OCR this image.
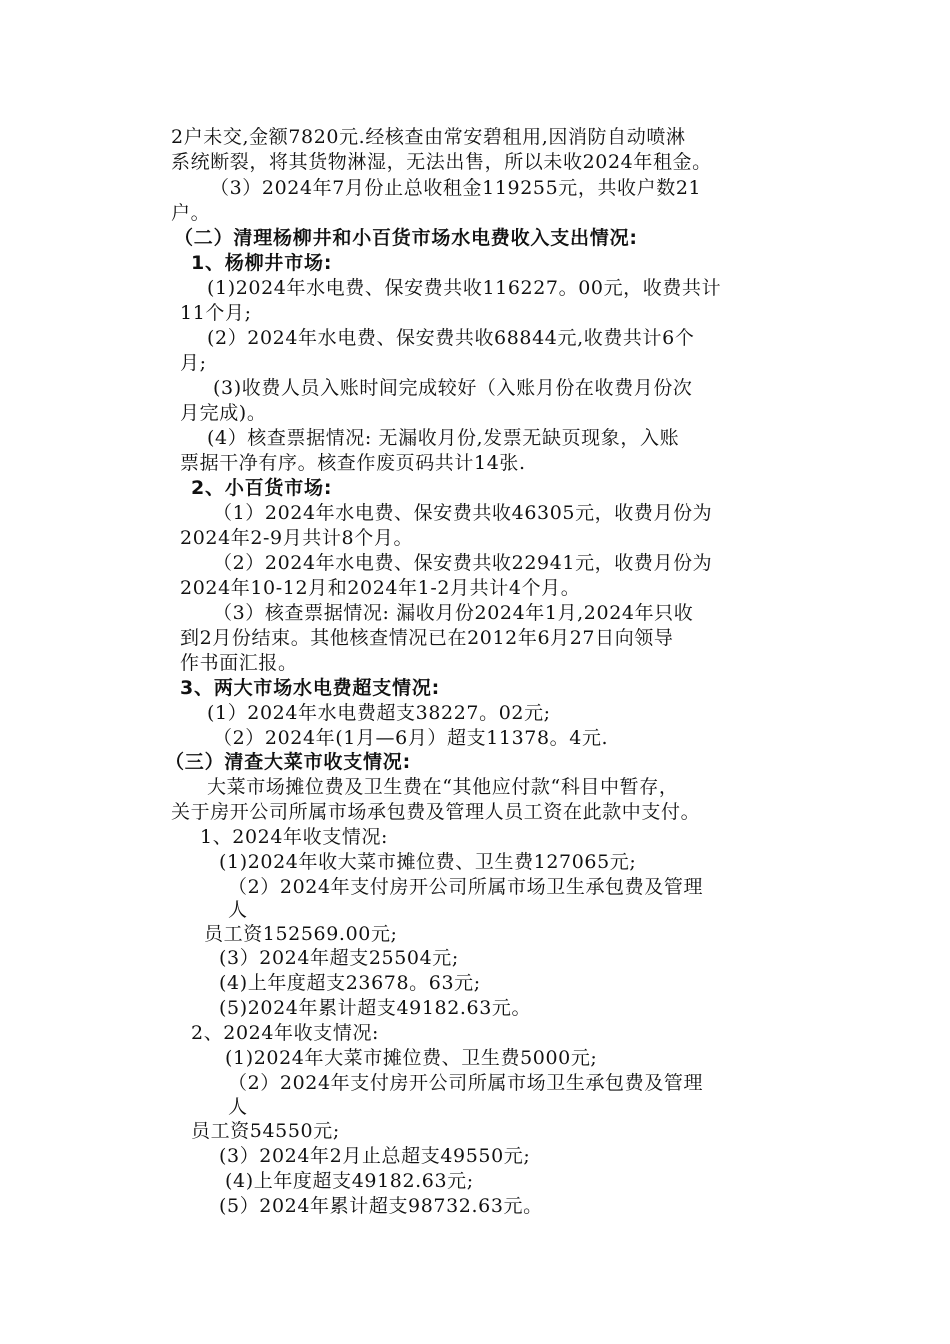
2户未交,金额7820元.经核查由常安碧租用,因消防自动喷淋
系统断裂，将其货物淋湿，无法出售，所以未收2024年租金。
（3）2024年7月份止总收租金119255元，共收户数21
户。
（二）清理杨柳井和小百货市场水电费收入支出情况:
1、杨柳井市场:
(1)2024年水电费、保安费共收116227。00元，收费共计
11个月;
(2）2024年水电费、保安费共收68844元,收费共计6个
月;
(3)收费人员入账时间完成较好（入账月份在收费月份次
月完成)。
(4）核查票据情况: 无漏收月份,发票无缺页现象，入账
票据干净有序。核查作废页码共计14张.
2、小百货市场:
（1）2024年水电费、保安费共收46305元，收费月份为
2024年2-9月共计8个月。
（2）2024年水电费、保安费共收22941元，收费月份为
2024年10-12月和2024年1-2月共计4个月。
（3）核查票据情况: 漏收月份2024年1月,2024年只收
到2月份结束。其他核查情况已在2012年6月27日向领导
作书面汇报。
3、两大市场水电费超支情况:
(1）2024年水电费超支38227。02元;
（2）2024年(1月—6月）超支11378。4元.
（三）清查大菜市收支情况:
大菜市场摊位费及卫生费在“其他应付款“科目中暂存，
关于房开公司所属市场承包费及管理人员工资在此款中支付。
1、2024年收支情况:
(1)2024年收大菜市摊位费、卫生费127065元;
（2）2024年支付房开公司所属市场卫生承包费及管理
人
员工资152569.00元;
(3）2024年超支25504元;
(4)上年度超支23678。63元;
(5)2024年累计超支49182.63元。
2、2024年收支情况:
(1)2024年大菜市摊位费、卫生费5000元;
（2）2024年支付房开公司所属市场卫生承包费及管理
人
员工资54550元;
(3）2024年2月止总超支49550元;
(4)上年度超支49182.63元;
(5）2024年累计超支98732.63元。
